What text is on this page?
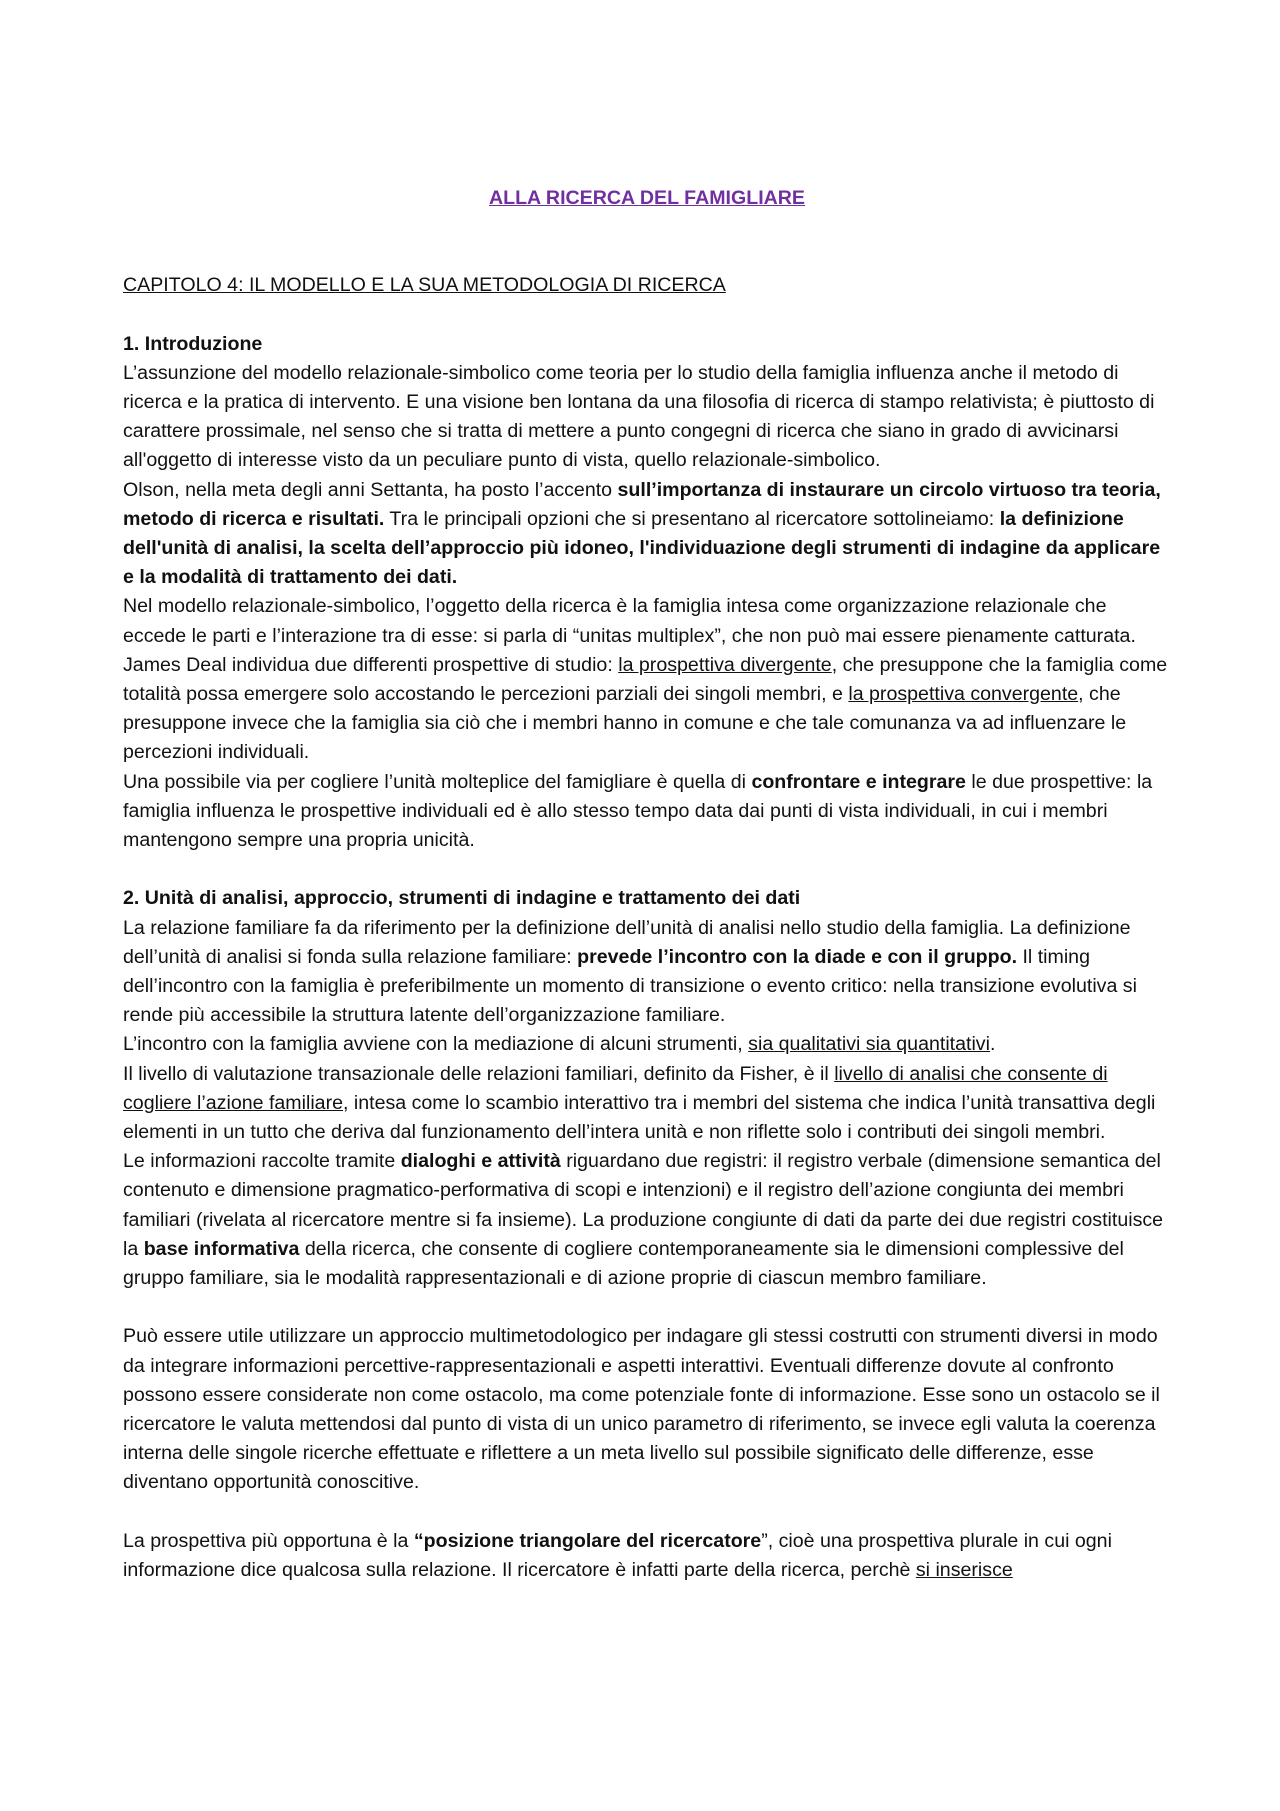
ALLA RICERCA DEL FAMIGLIARE
CAPITOLO 4: IL MODELLO E LA SUA METODOLOGIA DI RICERCA
1. Introduzione

L’assunzione del modello relazionale-simbolico come teoria per lo studio della famiglia influenza anche il metodo di ricerca e la pratica di intervento. E una visione ben lontana da una filosofia di ricerca di stampo relativista; è piuttosto di carattere prossimale, nel senso che si tratta di mettere a punto congegni di ricerca che siano in grado di avvicinarsi all'oggetto di interesse visto da un peculiare punto di vista, quello relazionale-simbolico.

Olson, nella meta degli anni Settanta, ha posto l’accento sull’importanza di instaurare un circolo virtuoso tra teoria, metodo di ricerca e risultati. Tra le principali opzioni che si presentano al ricercatore sottolineiamo: la definizione dell'unità di analisi, la scelta dell’approccio più idoneo, l'individuazione degli strumenti di indagine da applicare e la modalità di trattamento dei dati.

Nel modello relazionale-simbolico, l’oggetto della ricerca è la famiglia intesa come organizzazione relazionale che eccede le parti e l’interazione tra di esse: si parla di “unitas multiplex”, che non può mai essere pienamente catturata.

James Deal individua due differenti prospettive di studio: la prospettiva divergente, che presuppone che la famiglia come totalità possa emergere solo accostando le percezioni parziali dei singoli membri, e la prospettiva convergente, che presuppone invece che la famiglia sia ciò che i membri hanno in comune e che tale comunanza va ad influenzare le percezioni individuali.

Una possibile via per cogliere l’unità molteplice del famigliare è quella di confrontare e integrare le due prospettive: la famiglia influenza le prospettive individuali ed è allo stesso tempo data dai punti di vista individuali, in cui i membri mantengono sempre una propria unicità.

2. Unità di analisi, approccio, strumenti di indagine e trattamento dei dati

La relazione familiare fa da riferimento per la definizione dell’unità di analisi nello studio della famiglia. La definizione dell’unità di analisi si fonda sulla relazione familiare: prevede l’incontro con la diade e con il gruppo. Il timing dell’incontro con la famiglia è preferibilmente un momento di transizione o evento critico: nella transizione evolutiva si rende più accessibile la struttura latente dell’organizzazione familiare.

L’incontro con la famiglia avviene con la mediazione di alcuni strumenti, sia qualitativi sia quantitativi.

Il livello di valutazione transazionale delle relazioni familiari, definito da Fisher, è il livello di analisi che consente di cogliere l’azione familiare, intesa come lo scambio interattivo tra i membri del sistema che indica l’unità transattiva degli elementi in un tutto che deriva dal funzionamento dell’intera unità e non riflette solo i contributi dei singoli membri.

Le informazioni raccolte tramite dialoghi e attività riguardano due registri: il registro verbale (dimensione semantica del contenuto e dimensione pragmatico-performativa di scopi e intenzioni) e il registro dell’azione congiunta dei membri familiari (rivelata al ricercatore mentre si fa insieme). La produzione congiunte di dati da parte dei due registri costituisce la base informativa della ricerca, che consente di cogliere contemporaneamente sia le dimensioni complessive del gruppo familiare, sia le modalità rappresentazionali e di azione proprie di ciascun membro familiare.

Può essere utile utilizzare un approccio multimetodologico per indagare gli stessi costrutti con strumenti diversi in modo da integrare informazioni percettive-rappresentazionali e aspetti interattivi. Eventuali differenze dovute al confronto possono essere considerate non come ostacolo, ma come potenziale fonte di informazione. Esse sono un ostacolo se il ricercatore le valuta mettendosi dal punto di vista di un unico parametro di riferimento, se invece egli valuta la coerenza interna delle singole ricerche effettuate e riflettere a un meta livello sul possibile significato delle differenze, esse diventano opportunità conoscitive.

La prospettiva più opportuna è la “posizione triangolare del ricercatore”, cioè una prospettiva plurale in cui ogni informazione dice qualcosa sulla relazione. Il ricercatore è infatti parte della ricerca, perchè si inserisce
